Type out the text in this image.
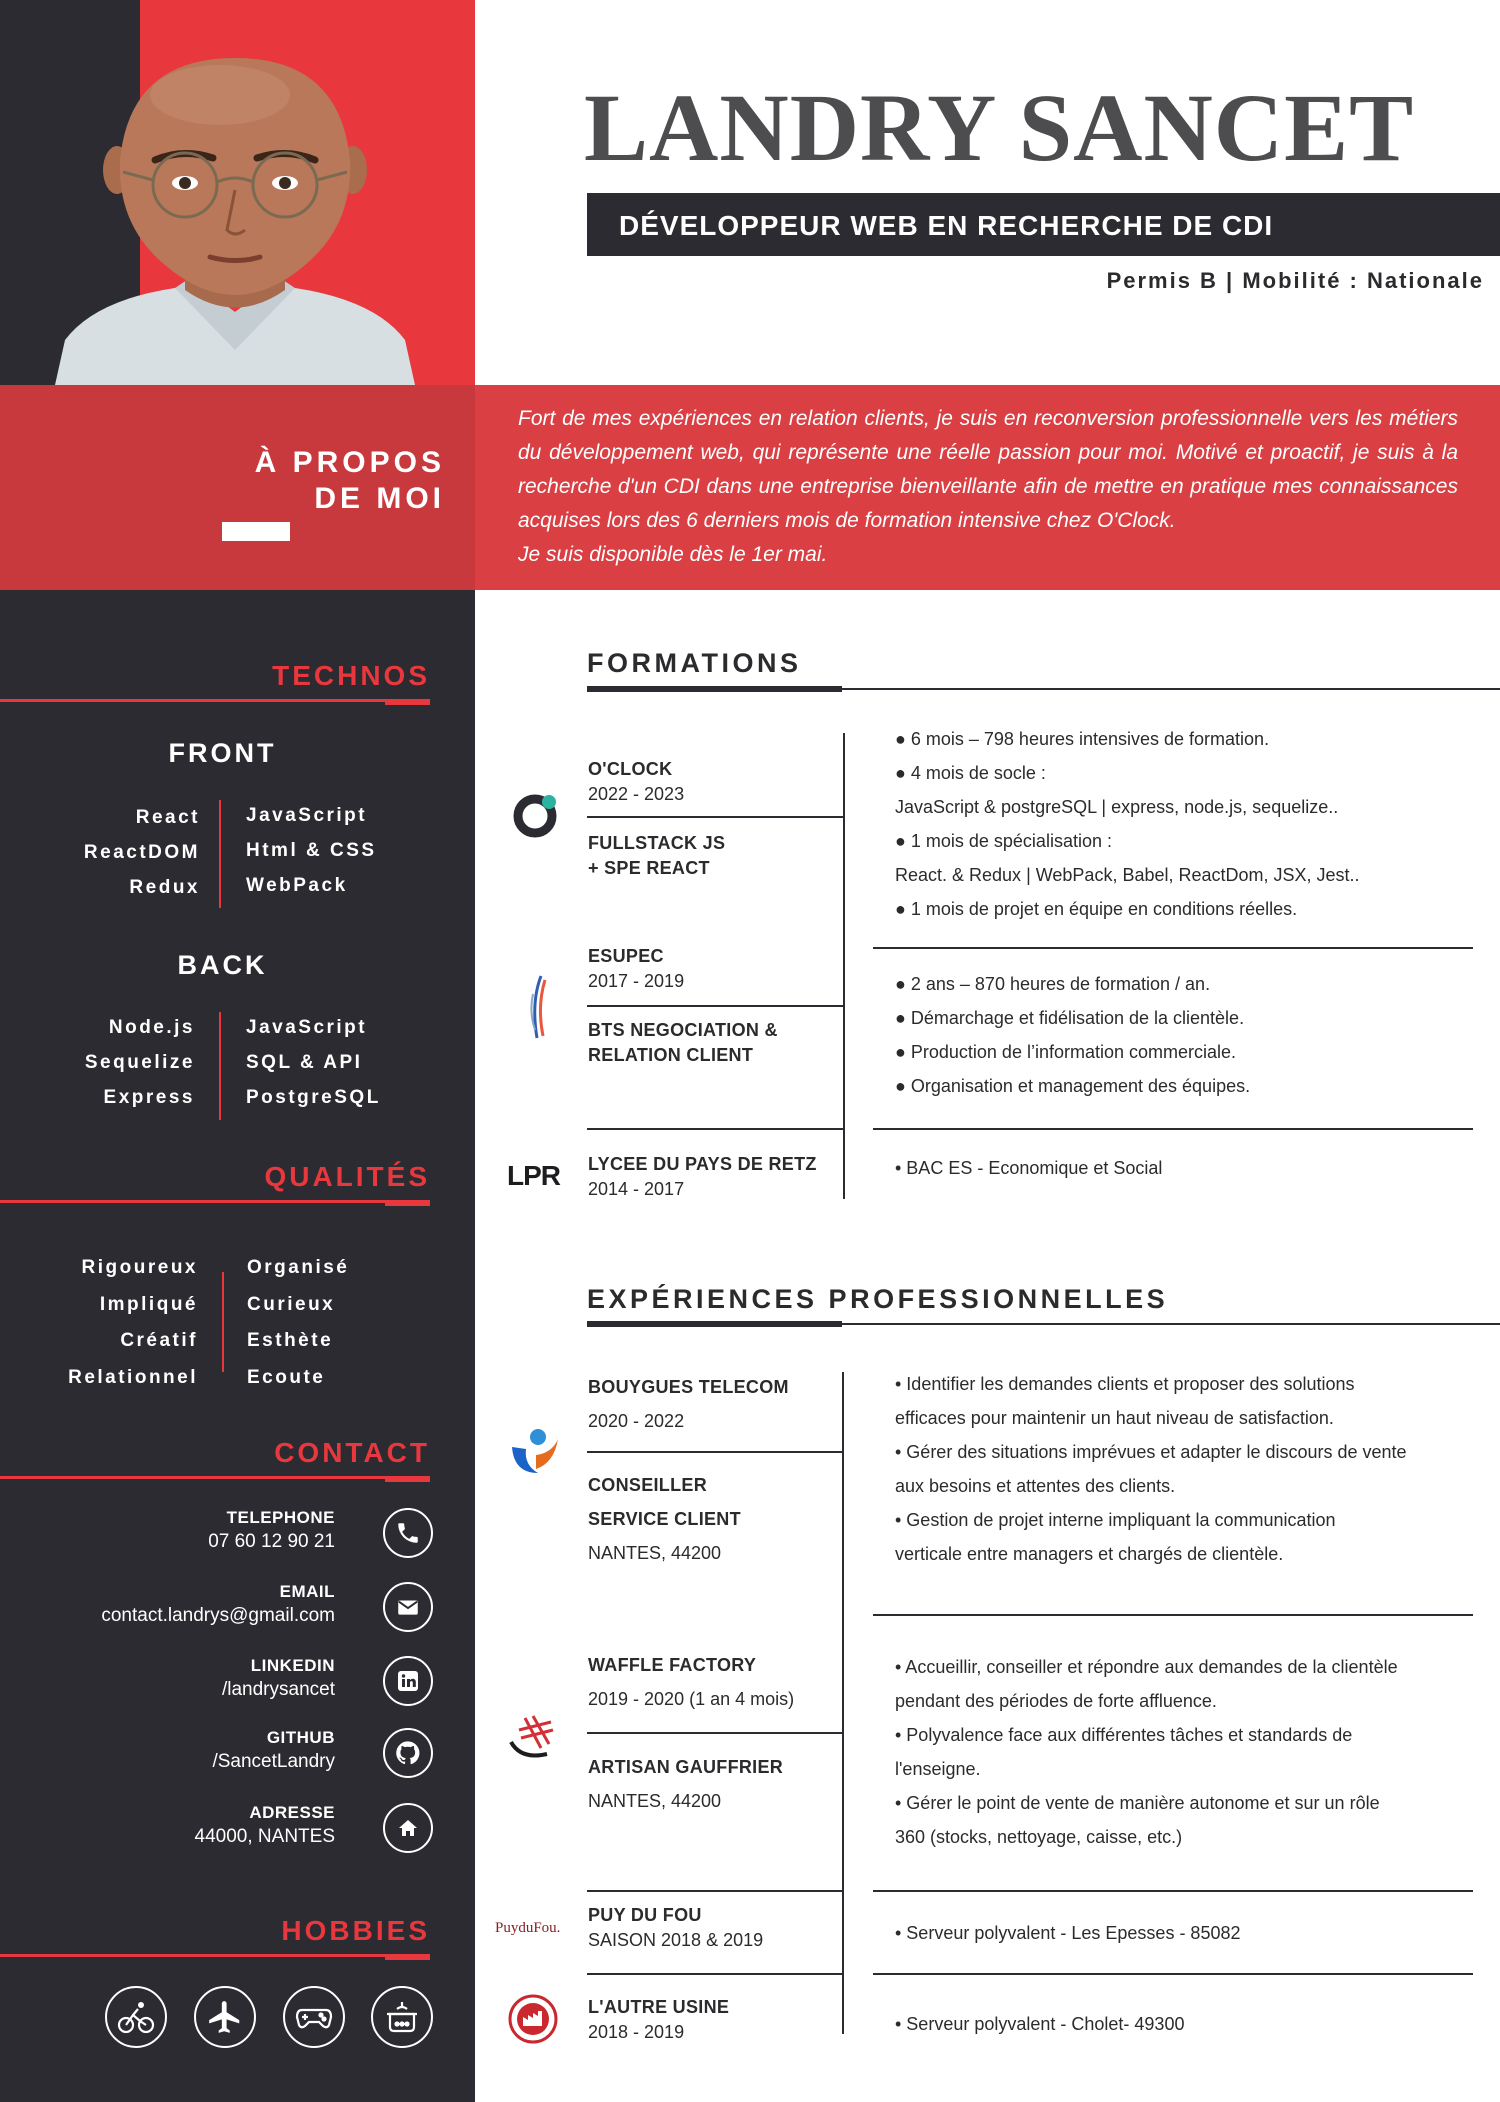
LANDRY SANCET
DÉVELOPPEUR WEB EN RECHERCHE DE CDI
Permis B | Mobilité : Nationale
À PROPOS
DE MOI

Fort de mes expériences en relation clients, je suis en reconversion professionnelle vers les métiers du développement web, qui représente une réelle passion pour moi. Motivé et proactif, je suis à la recherche d'un CDI dans une entreprise bienveillante afin de mettre en pratique mes connaissances acquises lors des 6 derniers mois de formation intensive chez O'Clock.

Je suis disponible dès le 1er mai.

TECHNOS
FRONT
React
ReactDOM
Redux
JavaScript
Html & CSS
WebPack
BACK
Node.js
Sequelize
Express
JavaScript
SQL & API
PostgreSQL
QUALITÉS
Rigoureux
Impliqué
Créatif
Relationnel
Organisé
Curieux
Esthète
Ecoute
CONTACT
TELEPHONE
07 60 12 90 21
EMAIL
contact.landrys@gmail.com
LINKEDIN
/landrysancet
GITHUB
/SancetLandry
ADRESSE
44000, NANTES
HOBBIES
FORMATIONS
O'CLOCK
2022 - 2023
FULLSTACK JS
+ SPE REACT
● 6 mois – 798 heures intensives de formation.
● 4 mois de socle :
JavaScript & postgreSQL | express, node.js, sequelize..
● 1 mois de spécialisation :
React. & Redux | WebPack, Babel, ReactDom, JSX, Jest..
● 1 mois de projet en équipe en conditions réelles.
ESUPEC
2017 - 2019
BTS NEGOCIATION &
RELATION CLIENT
● 2 ans – 870 heures de formation / an.
● Démarchage et fidélisation de la clientèle.
● Production de l’information commerciale.
● Organisation et management des équipes.
LPR LYCEE DU PAYS DE RETZ
2014 - 2017
• BAC ES - Economique et Social
EXPÉRIENCES PROFESSIONNELLES
BOUYGUES TELECOM
2020 - 2022
CONSEILLER
SERVICE CLIENT
NANTES, 44200
• Identifier les demandes clients et proposer des solutions
efficaces pour maintenir un haut niveau de satisfaction.
• Gérer des situations imprévues et adapter le discours de vente
aux besoins et attentes des clients.
• Gestion de projet interne impliquant la communication
verticale entre managers et chargés de clientèle.
WAFFLE FACTORY
2019 - 2020 (1 an 4 mois)
ARTISAN GAUFFRIER
NANTES, 44200
• Accueillir, conseiller et répondre aux demandes de la clientèle
pendant des périodes de forte affluence.
• Polyvalence face aux différentes tâches et standards de
l'enseigne.
• Gérer le point de vente de manière autonome et sur un rôle
360 (stocks, nettoyage, caisse, etc.)
PuyduFou.
PUY DU FOU
SAISON 2018 & 2019	• Serveur polyvalent - Les Epesses - 85082
L'AUTRE USINE
2018 - 2019	• Serveur polyvalent - Cholet- 49300
